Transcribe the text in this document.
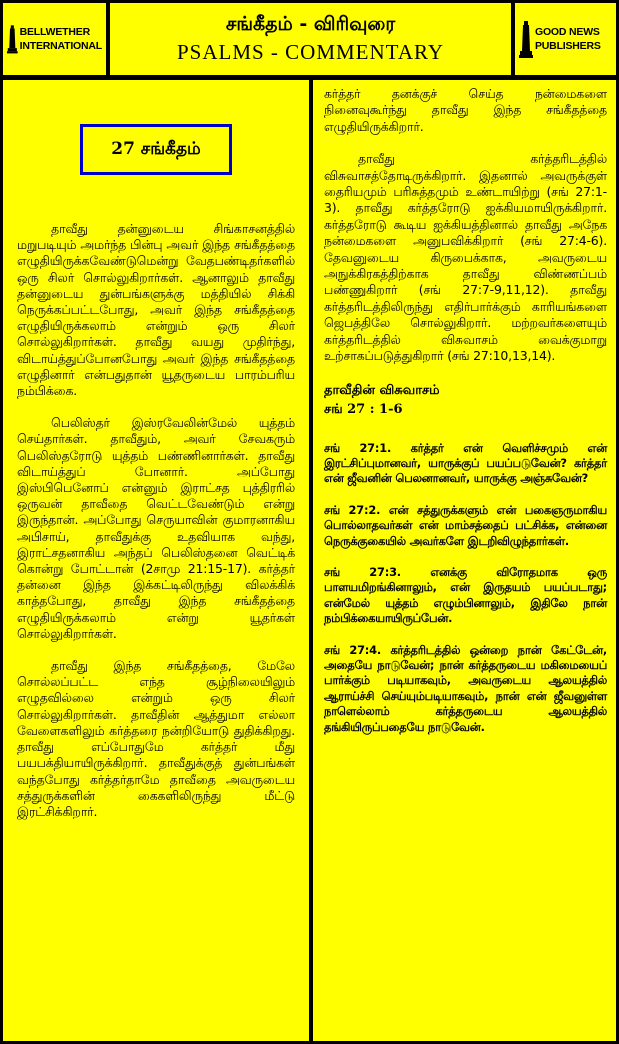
BELLWETHER
INTERNATIONAL
சங்கீதம் - விரிவுரை
PSALMS - COMMENTARY
GOOD NEWS
PUBLISHERS
27 சங்கீதம்

தாவீது தன்னுடைய சிங்காசனத்தில் மறுபடியும் அமர்ந்த பின்பு அவர் இந்த சங்கீதத்தை எழுதியிருக்கவேண்டுமென்று வேதபண்டிதர்களில் ஒரு சிலர் சொல்லுகிறார்கள். ஆனாலும் தாவீது தன்னுடைய துன்பங்களுக்கு மத்தியில் சிக்கி நெருக்கப்பட்டபோது, அவர் இந்த சங்கீதத்தை எழுதியிருக்கலாம் என்றும் ஒரு சிலர் சொல்லுகிறார்கள். தாவீது வயது முதிர்ந்து, விடாய்த்துப்போனபோது அவர் இந்த சங்கீதத்தை எழுதினார் என்பதுதான் யூதருடைய பாரம்பரிய நம்பிக்கை.

பெலிஸ்தர் இஸ்ரவேலின்மேல் யுத்தம் செய்தார்கள். தாவீதும், அவர் சேவகரும் பெலிஸ்தரோடு யுத்தம் பண்ணினார்கள். தாவீது விடாய்த்துப் போனார். அப்போது இஸ்பிபெனோப் என்னும் இராட்சத புத்திரரில் ஒருவன் தாவீதை வெட்டவேண்டும் என்று இருந்தான். அப்போது செருயாவின் குமாரனாகிய அபிசாய், தாவீதுக்கு உதவியாக வந்து, இராட்சதனாகிய அந்தப் பெலிஸ்தனை வெட்டிக் கொன்று போட்டான் (2சாமு 21:15-17). கர்த்தர் தன்னை இந்த இக்கட்டிலிருந்து விலக்கிக் காத்தபோது, தாவீது இந்த சங்கீதத்தை எழுதியிருக்கலாம் என்று யூதர்கள் சொல்லுகிறார்கள்.

தாவீது இந்த சங்கீதத்தை, மேலே சொல்லப்பட்ட எந்த சூழ்நிலையிலும் எழுதவில்லை என்றும் ஒரு சிலர் சொல்லுகிறார்கள். தாவீதின் ஆத்துமா எல்லா வேளைகளிலும் கர்த்தரை நன்றியோடு துதிக்கிறது. தாவீது எப்போதுமே கர்த்தர் மீது பயபக்தியாயிருக்கிறார். தாவீதுக்குத் துன்பங்கள் வந்தபோது கர்த்தர்தாமே தாவீதை அவருடைய சத்துருக்களின் கைகளிலிருந்து மீட்டு இரட்சிக்கிறார்.

கர்த்தர் தனக்குச் செய்த நன்மைகளை நினைவுகூர்ந்து தாவீது இந்த சங்கீதத்தை எழுதியிருக்கிறார்.

தாவீது கர்த்தரிடத்தில் விசுவாசத்தோடிருக்கிறார். இதனால் அவருக்குள் தைரியமும் பரிசுத்தமும் உண்டாயிற்று (சங் 27:1-3). தாவீது கர்த்தரோடு ஐக்கியமாயிருக்கிறார். கர்த்தரோடு கூடிய ஐக்கியத்தினால் தாவீது அநேக நன்மைகளை அனுபவிக்கிறார் (சங் 27:4-6). தேவனுடைய கிருபைக்காக, அவருடைய அநுக்கிரகத்திற்காக தாவீது விண்ணப்பம் பண்ணுகிறார் (சங் 27:7-9,11,12). தாவீது கர்த்தரிடத்திலிருந்து எதிர்பார்க்கும் காரியங்களை ஜெபத்திலே சொல்லுகிறார். மற்றவர்களையும் கர்த்தரிடத்தில் விசுவாசம் வைக்குமாறு உற்சாகப்படுத்துகிறார் (சங் 27:10,13,14).

தாவீதின் விசுவாசம்
சங் 27 : 1-6

சங் 27:1. கர்த்தர் என் வெளிச்சமும் என் இரட்சிப்புமானவர், யாருக்குப் பயப்படுவேன்? கர்த்தர் என் ஜீவனின் பெலனானவர், யாருக்கு அஞ்சுவேன்?

சங் 27:2. என் சத்துருக்களும் என் பகைஞருமாகிய பொல்லாதவர்கள் என் மாம்சத்தைப் பட்சிக்க, என்னை நெருக்குகையில் அவர்களே இடறிவிழுந்தார்கள்.

சங் 27:3. எனக்கு விரோதமாக ஒரு பாளயமிறங்கினாலும், என் இருதயம் பயப்படாது; என்மேல் யுத்தம் எழும்பினாலும், இதிலே நான் நம்பிக்கையாயிருப்பேன்.

சங் 27:4. கர்த்தரிடத்தில் ஒன்றை நான் கேட்டேன், அதையே நாடுவேன்; நான் கர்த்தருடைய மகிமையைப் பார்க்கும் படியாகவும், அவருடைய ஆலயத்தில் ஆராய்ச்சி செய்யும்படியாகவும், நான் என் ஜீவனுள்ள நாளெல்லாம் கர்த்தருடைய ஆலயத்தில் தங்கியிருப்பதையே நாடுவேன்.
